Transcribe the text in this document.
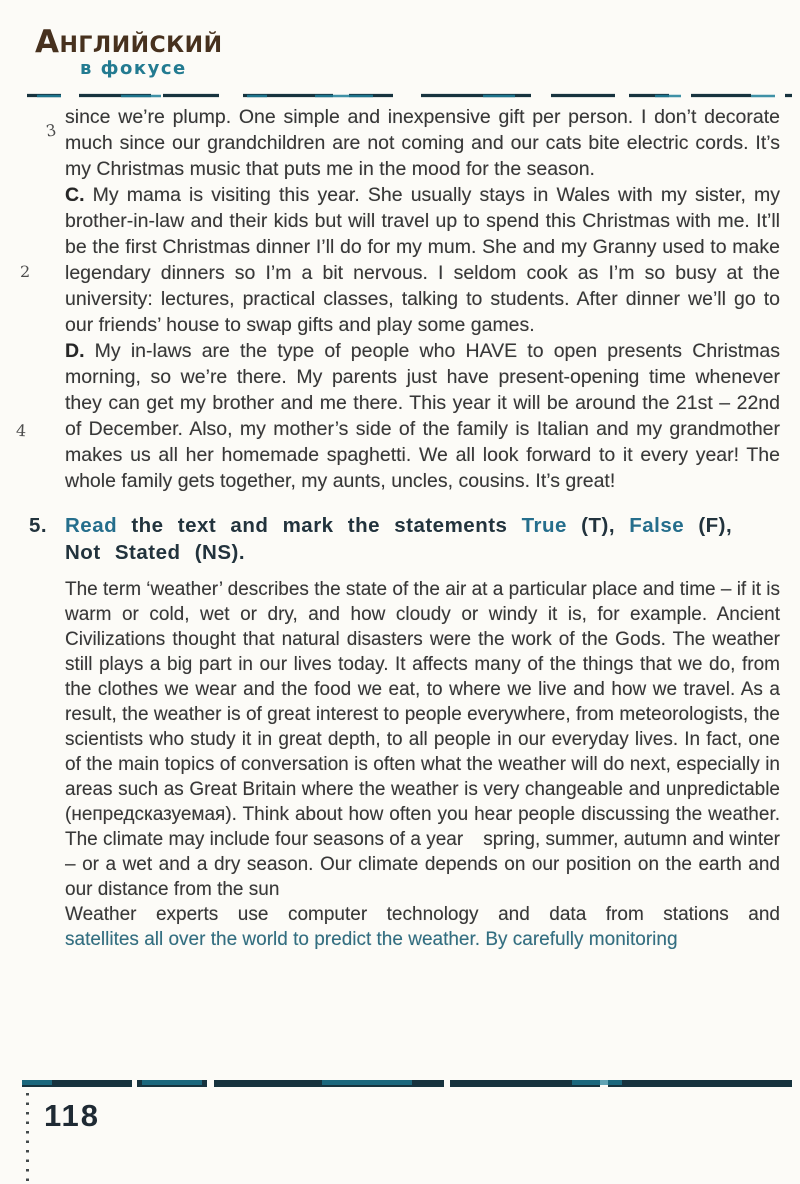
АНГЛИЙСКИЙ
в фокусе
3
2
4

since we’re plump. One simple and inexpensive gift per person. I don’t decorate much since our grandchildren are not coming and our cats bite electric cords. It’s my Christmas music that puts me in the mood for the season.

C. My mama is visiting this year. She usually stays in Wales with my sister, my brother-in-law and their kids but will travel up to spend this Christmas with me. It’ll be the first Christmas dinner I’ll do for my mum. She and my Granny used to make legendary dinners so I’m a bit nervous. I seldom cook as I’m so busy at the university: lectures, practical classes, talking to students. After dinner we’ll go to our friends’ house to swap gifts and play some games.

D. My in-laws are the type of people who HAVE to open presents Christmas morning, so we’re there. My parents just have present-opening time whenever they can get my brother and me there. This year it will be around the 21st – 22nd of December. Also, my mother’s side of the family is Italian and my grandmother makes us all her homemade spaghetti. We all look forward to it every year! The whole family gets together, my aunts, uncles, cousins. It’s great!

5. Read the text and mark the statements True (T), False (F),
Not Stated (NS).

The term ‘weather’ describes the state of the air at a particular place and time – if it is warm or cold, wet or dry, and how cloudy or windy it is, for example. Ancient Civilizations thought that natural disasters were the work of the Gods. The weather still plays a big part in our lives today. It affects many of the things that we do, from the clothes we wear and the food we eat, to where we live and how we travel. As a result, the weather is of great interest to people everywhere, from meteorologists, the scientists who study it in great depth, to all people in our everyday lives. In fact, one of the main topics of conversation is often what the weather will do next, especially in areas such as Great Britain where the weather is very changeable and unpredictable (непредсказуемая). Think about how often you hear people discussing the weather. The climate may include four seasons of a year   spring, summer, autumn and winter – or a wet and a dry season. Our climate depends on our position on the earth and our distance from the sun

Weather experts use computer technology and data from stations and
satellites all over the world to predict the weather. By carefully monitoring

118
